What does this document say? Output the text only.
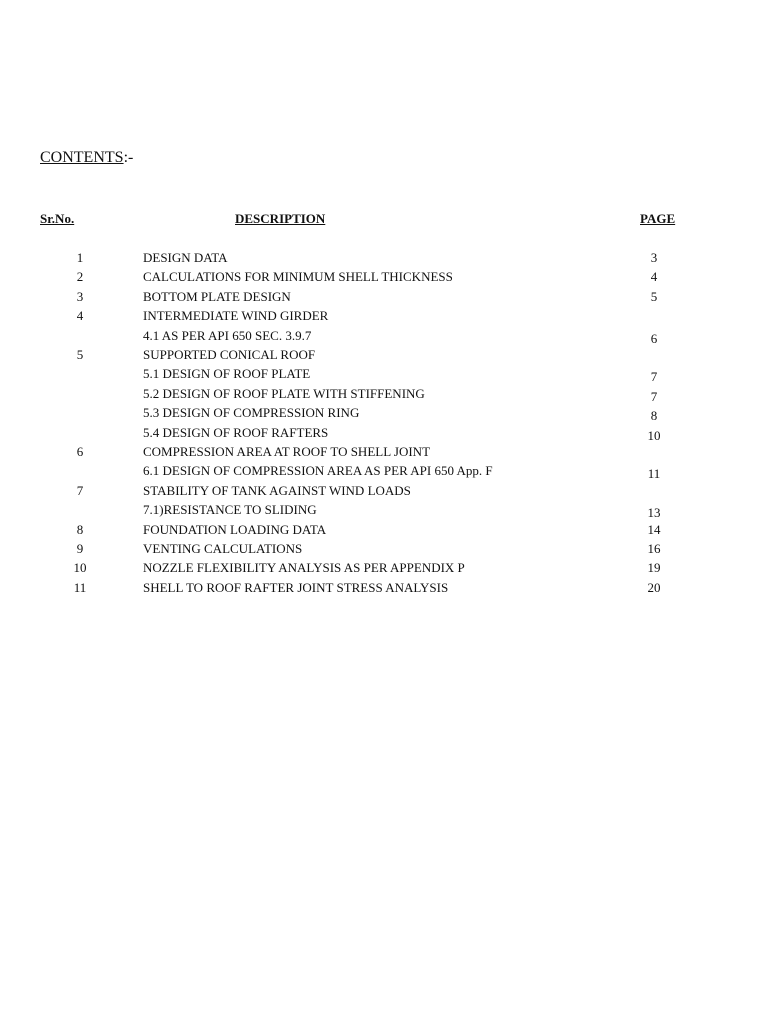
CONTENTS:-
Sr.No.	DESCRIPTION	PAGE
1	DESIGN DATA	3
2	CALCULATIONS FOR MINIMUM SHELL THICKNESS	4
3	BOTTOM PLATE DESIGN	5
4	INTERMEDIATE WIND GIRDER
4.1 AS PER API 650 SEC. 3.9.7	6
5	SUPPORTED CONICAL ROOF
5.1 DESIGN OF ROOF PLATE	7
5.2 DESIGN OF ROOF PLATE WITH STIFFENING	7
5.3 DESIGN OF COMPRESSION RING	8
5.4 DESIGN OF ROOF RAFTERS	10
6	COMPRESSION AREA AT ROOF TO SHELL JOINT
6.1 DESIGN OF COMPRESSION AREA AS PER API 650 App. F	11
7	STABILITY OF TANK AGAINST WIND LOADS
7.1)RESISTANCE TO SLIDING	13
8	FOUNDATION LOADING DATA	14
9	VENTING CALCULATIONS	16
10	NOZZLE FLEXIBILITY ANALYSIS AS PER APPENDIX P	19
11	SHELL TO ROOF RAFTER JOINT STRESS ANALYSIS	20
